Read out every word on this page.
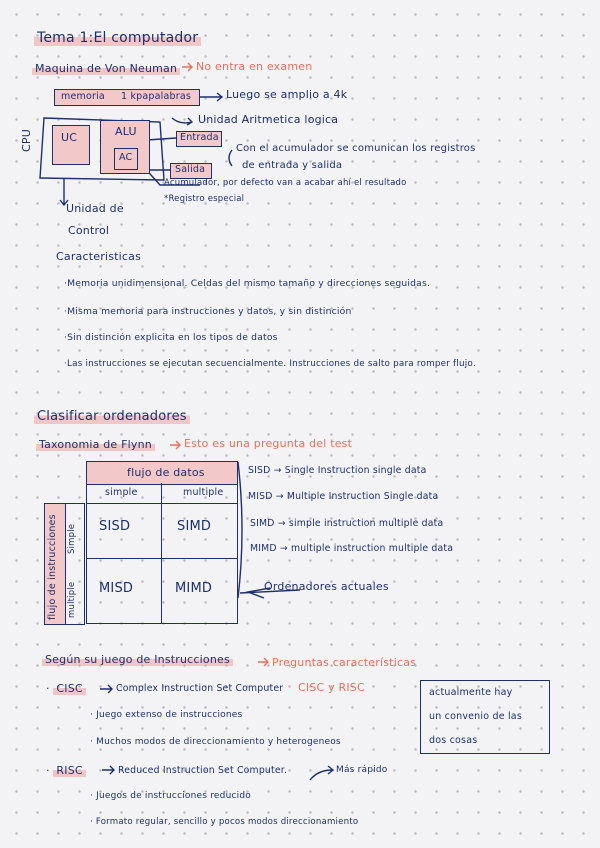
Tema 1:El computador
Maquina de Von Neuman No entra en examen
memoria 1 kpapalabras	Luego se amplio a 4k
UC	ALU
AC
Entrada
Salida
CPU
Unidad Aritmetica logica
Con el acumulador se comunican los registros
de entrada y salida
Acumulador, por defecto van a acabar ahí el resultado
*Registro especial
Unidad de
Control
Caracteristicas
·Memoria unidimensional. Celdas del mismo tamaño y direcciones seguidas.
·Misma memoria para instrucciones y datos, y sin distinción
·Sin distinción explicita en los tipos de datos
·Las instrucciones se ejecutan secuencialmente. Instrucciones de salto para romper flujo.
Clasificar ordenadores
Taxonomia de Flynn	Esto es una pregunta del test
flujo de datos
simple	multiple
flujo de instrucciones Simple
multiple
SISD	SIMD
MISD	MIMD
SISD → Single Instruction single data
MISD → Multiple Instruction Single data
SIMD → simple instruction multiple data
MIMD → multiple instruction multiple data
Ordenadores actuales
Según su juego de Instrucciones	Preguntas características
· CISC	Complex Instruction Set Computer CISC y RISC
· Juego extenso de instrucciones
· Muchos modos de direccionamiento y heterogeneos
· RISC	Reduced Instruction Set Computer.	Más rápido
· Juegos de instrucciones reducido
· Formato regular, sencillo y pocos modos direccionamiento
actualmente hay
un convenio de las
dos cosas
